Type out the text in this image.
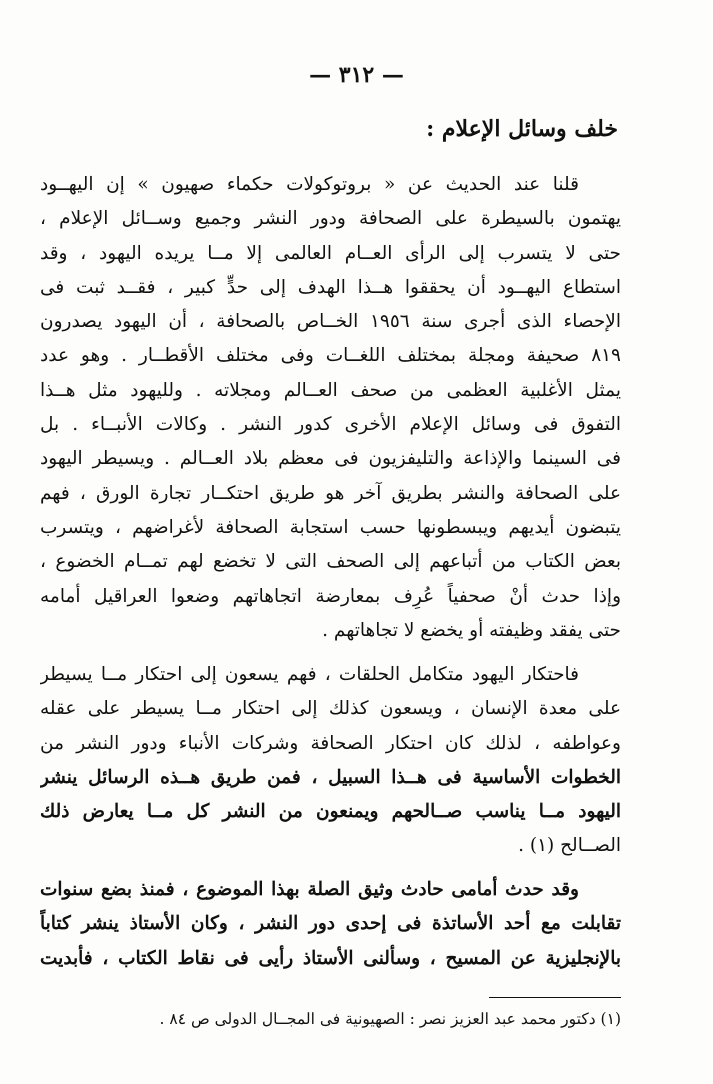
— ٣١٢ —
خلف وسائل الإعلام :
قلنا عند الحديث عن « بروتوكولات حكماء صهيون » إن اليهــود
يهتمون بالسيطرة على الصحافة ودور النشر وجميع وســائل الإعلام ،
حتى لا يتسرب إلى الرأى العــام العالمى إلا مــا يريده اليهود ، وقد
استطاع اليهــود أن يحققوا هــذا الهدف إلى حدٍّ كبير ، فقــد ثبت فى
الإحصاء الذى أجرى سنة ١٩٥٦ الخــاص بالصحافة ، أن اليهود يصدرون
٨١٩ صحيفة ومجلة بمختلف اللغــات وفى مختلف الأقطــار . وهو عدد
يمثل الأغلبية العظمى من صحف العــالم ومجلاته . ولليهود مثل هــذا
التفوق فى وسائل الإعلام الأخرى كدور النشر . وكالات الأنبــاء . بل
فى السينما والإذاعة والتليفزيون فى معظم بلاد العــالم . ويسيطر اليهود
على الصحافة والنشر بطريق آخر هو طريق احتكــار تجارة الورق ، فهم
يتبضون أيديهم ويبسطونها حسب استجابة الصحافة لأغراضهم ، ويتسرب
بعض الكتاب من أتباعهم إلى الصحف التى لا تخضع لهم تمــام الخضوع ،
وإذا حدث أنْ صحفياً عُرِف بمعارضة اتجاهاتهم وضعوا العراقيل أمامه
حتى يفقد وظيفته أو يخضع لا تجاهاتهم .
فاحتكار اليهود متكامل الحلقات ، فهم يسعون إلى احتكار مــا يسيطر
على معدة الإنسان ، ويسعون كذلك إلى احتكار مــا يسيطر على عقله
وعواطفه ، لذلك كان احتكار الصحافة وشركات الأنباء ودور النشر من
الخطوات الأساسية فى هــذا السبيل ، فمن طريق هــذه الرسائل ينشر
اليهود مــا يناسب صــالحهم ويمنعون من النشر كل مــا يعارض ذلك
الصــالح (١) .
وقد حدث أمامى حادث وثيق الصلة بهذا الموضوع ، فمنذ بضع سنوات
تقابلت مع أحد الأساتذة فى إحدى دور النشر ، وكان الأستاذ ينشر كتاباً
بالإنجليزية عن المسيح ، وسألنى الأستاذ رأيى فى نقاط الكتاب ، فأبديت
(١) دكتور محمد عبد العزيز نصر : الصهيونية فى المجــال الدولى ص ٨٤ .
